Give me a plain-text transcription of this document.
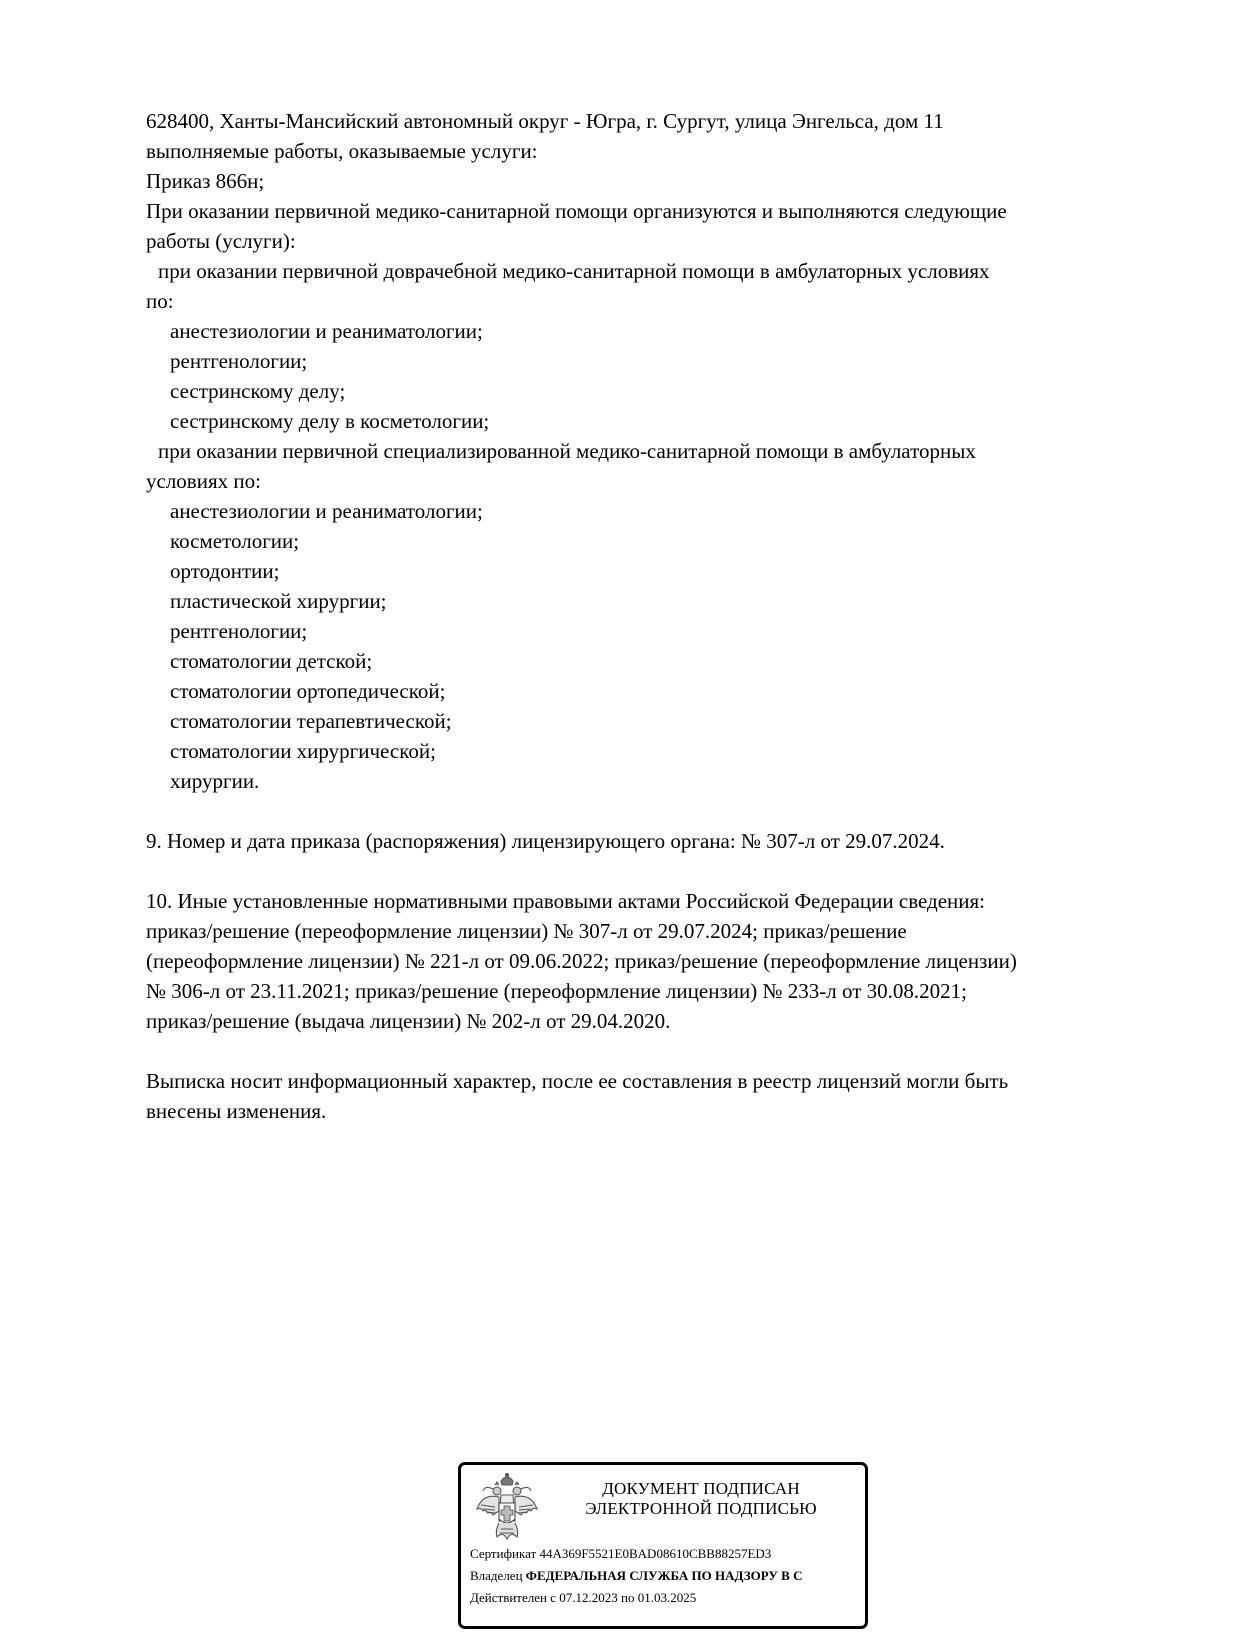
628400, Ханты-Мансийский автономный округ - Югра, г. Сургут, улица Энгельса, дом 11
выполняемые работы, оказываемые услуги:
Приказ 866н;
При оказании первичной медико-санитарной помощи организуются и выполняются следующие
работы (услуги):
при оказании первичной доврачебной медико-санитарной помощи в амбулаторных условиях
по:
анестезиологии и реаниматологии;
рентгенологии;
сестринскому делу;
сестринскому делу в косметологии;
при оказании первичной специализированной медико-санитарной помощи в амбулаторных
условиях по:
анестезиологии и реаниматологии;
косметологии;
ортодонтии;
пластической хирургии;
рентгенологии;
стоматологии детской;
стоматологии ортопедической;
стоматологии терапевтической;
стоматологии хирургической;
хирургии.
9. Номер и дата приказа (распоряжения) лицензирующего органа: № 307-л от 29.07.2024.
10. Иные установленные нормативными правовыми актами Российской Федерации сведения:
приказ/решение (переоформление лицензии) № 307-л от 29.07.2024; приказ/решение
(переоформление лицензии) № 221-л от 09.06.2022; приказ/решение (переоформление лицензии)
№ 306-л от 23.11.2021; приказ/решение (переоформление лицензии) № 233-л от 30.08.2021;
приказ/решение (выдача лицензии) № 202-л от 29.04.2020.
Выписка носит информационный характер, после ее составления в реестр лицензий могли быть
внесены изменения.
ДОКУМЕНТ ПОДПИСАН
ЭЛЕКТРОННОЙ ПОДПИСЬЮ
Сертификат 44A369F5521E0BAD08610CBB88257ED3
Владелец ФЕДЕРАЛЬНАЯ СЛУЖБА ПО НАДЗОРУ В С
Действителен с 07.12.2023 по 01.03.2025
